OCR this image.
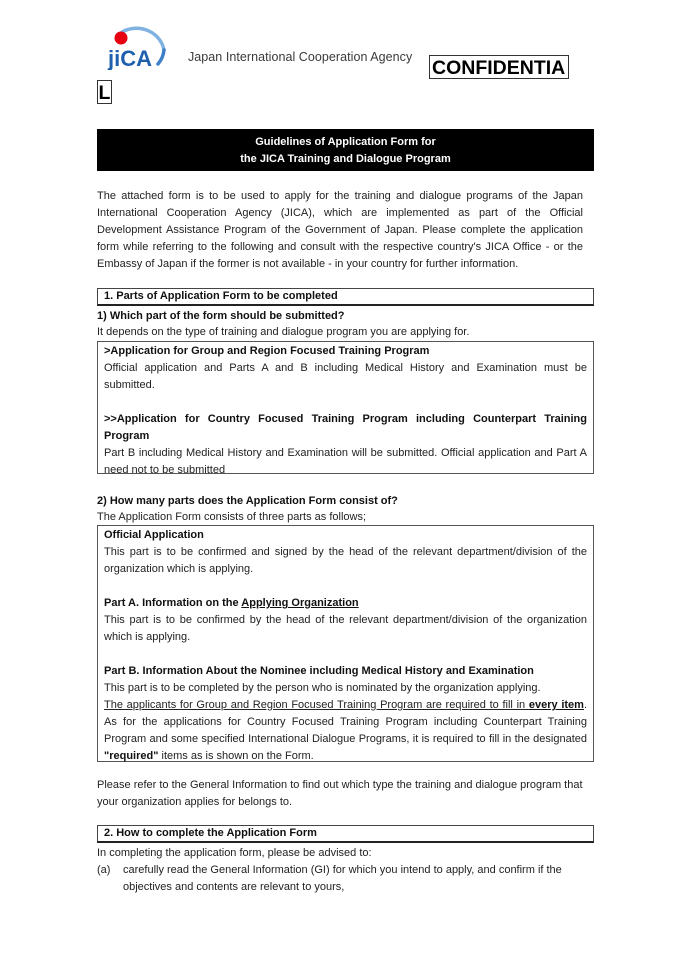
jiCA	Japan International Cooperation Agency CONFIDENTIA
L
Guidelines of Application Form for
the JICA Training and Dialogue Program
The attached form is to be used to apply for the training and dialogue programs of the Japan International Cooperation Agency (JICA), which are implemented as part of the Official Development Assistance Program of the Government of Japan. Please complete the application form while referring to the following and consult with the respective country's JICA Office - or the Embassy of Japan if the former is not available - in your country for further information.
1. Parts of Application Form to be completed
1) Which part of the form should be submitted?
It depends on the type of training and dialogue program you are applying for.
>Application for Group and Region Focused Training Program
Official application and Parts A and B including Medical History and Examination must be submitted.
>>Application for Country Focused Training Program including Counterpart Training Program
Part B including Medical History and Examination will be submitted. Official application and Part A need not to be submitted
2) How many parts does the Application Form consist of?
The Application Form consists of three parts as follows;
Official Application
This part is to be confirmed and signed by the head of the relevant department/division of the organization which is applying.
Part A. Information on the Applying Organization
This part is to be confirmed by the head of the relevant department/division of the organization which is applying.
Part B. Information About the Nominee including Medical History and Examination
This part is to be completed by the person who is nominated by the organization applying.
The applicants for Group and Region Focused Training Program are required to fill in every item. As for the applications for Country Focused Training Program including Counterpart Training Program and some specified International Dialogue Programs, it is required to fill in the designated "required" items as is shown on the Form.
Please refer to the General Information to find out which type the training and dialogue program that your organization applies for belongs to.
2. How to complete the Application Form
In completing the application form, please be advised to:
(a) carefully read the General Information (GI) for which you intend to apply, and confirm if the objectives and contents are relevant to yours,
